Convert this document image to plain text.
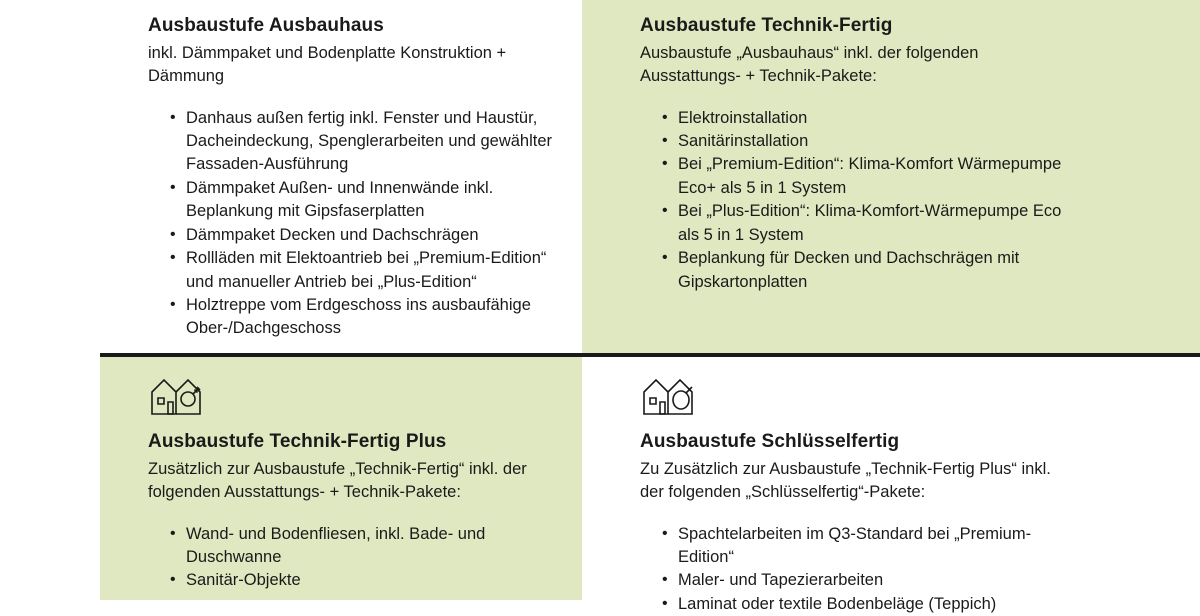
Ausbaustufe Ausbauhaus

inkl. Dämmpaket und Bodenplatte Konstruktion + Dämmung

• Danhaus außen fertig inkl. Fenster und Haustür, Dacheindeckung, Spenglerarbeiten und gewählter Fassaden-Ausführung
• Dämmpaket Außen- und Innenwände inkl. Beplankung mit Gipsfaserplatten
• Dämmpaket Decken und Dachschrägen
• Rollläden mit Elektoantrieb bei „Premium-Edition“ und manueller Antrieb bei „Plus-Edition“
• Holztreppe vom Erdgeschoss ins ausbaufähige Ober-/Dachgeschoss
Ausbaustufe Technik-Fertig

Ausbaustufe „Ausbauhaus“ inkl. der folgenden Ausstattungs- + Technik-Pakete:

• Elektroinstallation
• Sanitärinstallation
• Bei „Premium-Edition“: Klima-Komfort Wärmepumpe Eco+ als 5 in 1 System
• Bei „Plus-Edition“: Klima-Komfort-Wärmepumpe Eco als 5 in 1 System
• Beplankung für Decken und Dachschrägen mit Gipskartonplatten
Ausbaustufe Technik-Fertig Plus

Zusätzlich zur Ausbaustufe „Technik-Fertig“ inkl. der folgenden Ausstattungs- + Technik-Pakete:

• Wand- und Bodenfliesen, inkl. Bade- und Duschwanne
• Sanitär-Objekte
Ausbaustufe Schlüsselfertig

Zu Zusätzlich zur Ausbaustufe „Technik-Fertig Plus“ inkl. der folgenden „Schlüsselfertig“-Pakete:

• Spachtelarbeiten im Q3-Standard bei „Premium-Edition“
• Maler- und Tapezierarbeiten
• Laminat oder textile Bodenbeläge (Teppich)
